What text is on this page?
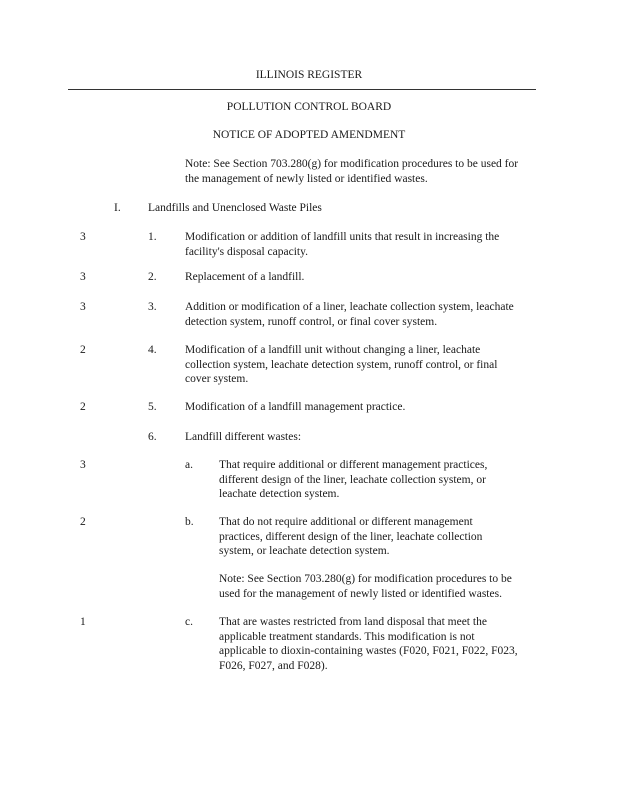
ILLINOIS REGISTER
POLLUTION CONTROL BOARD
NOTICE OF ADOPTED AMENDMENT
Note: See Section 703.280(g) for modification procedures to be used for
the management of newly listed or identified wastes.
I. Landfills and Unenclosed Waste Piles
3	1. Modification or addition of landfill units that result in increasing the
facility's disposal capacity.
3	2. Replacement of a landfill.
3	3. Addition or modification of a liner, leachate collection system, leachate
detection system, runoff control, or final cover system.
2	4. Modification of a landfill unit without changing a liner, leachate
collection system, leachate detection system, runoff control, or final
cover system.
2	5. Modification of a landfill management practice.
6. Landfill different wastes:
3	a. That require additional or different management practices,
different design of the liner, leachate collection system, or
leachate detection system.
2	b. That do not require additional or different management
practices, different design of the liner, leachate collection
system, or leachate detection system.
Note: See Section 703.280(g) for modification procedures to be
used for the management of newly listed or identified wastes.
1	c. That are wastes restricted from land disposal that meet the
applicable treatment standards. This modification is not
applicable to dioxin-containing wastes (F020, F021, F022, F023,
F026, F027, and F028).
